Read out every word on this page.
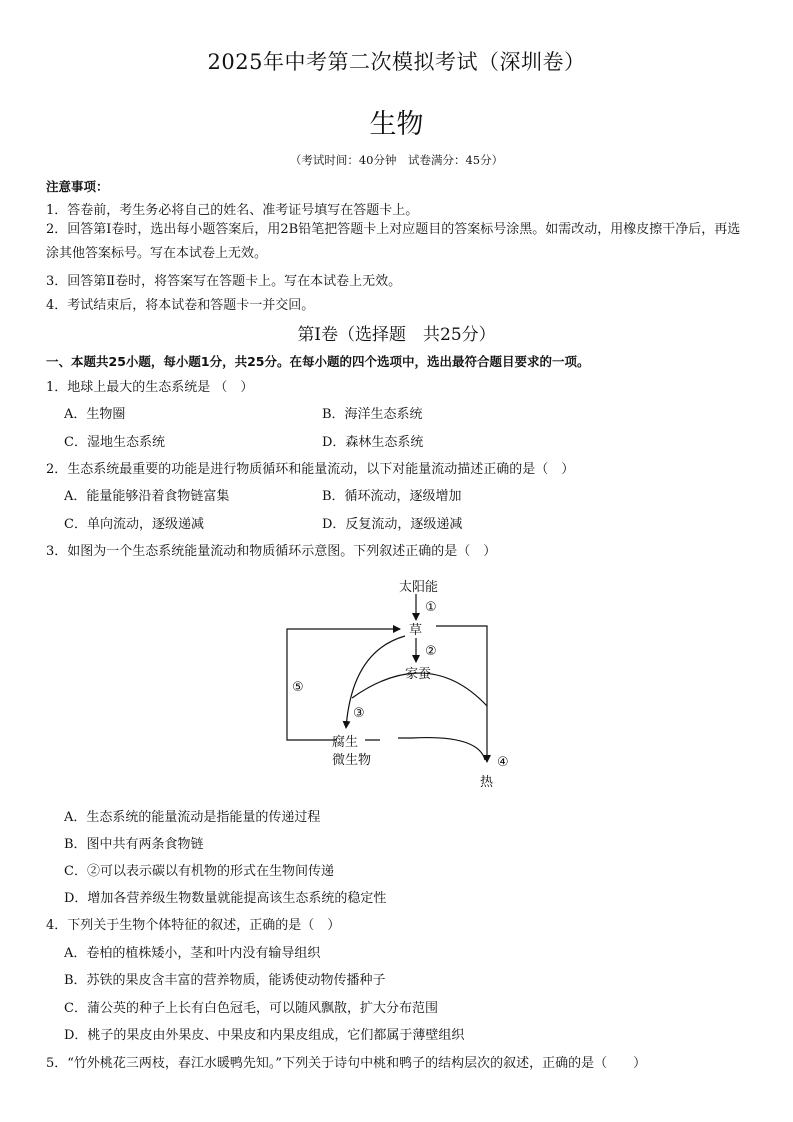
2025年中考第二次模拟考试（深圳卷）
生物
（考试时间：40分钟　试卷满分：45分）
注意事项：
1．答卷前，考生务必将自己的姓名、准考证号填写在答题卡上。
2．回答第Ⅰ卷时，选出每小题答案后，用2B铅笔把答题卡上对应题目的答案标号涂黑。如需改动，用橡皮擦干净后，再选涂其他答案标号。写在本试卷上无效。
3．回答第Ⅱ卷时，将答案写在答题卡上。写在本试卷上无效。
4．考试结束后，将本试卷和答题卡一并交回。
第Ⅰ卷（选择题　共25分）
一、本题共25小题，每小题1分，共25分。在每小题的四个选项中，选出最符合题目要求的一项。
1．地球上最大的生态系统是 （　）
A．生物圈	B．海洋生态系统
C．湿地生态系统	D．森林生态系统
2．生态系统最重要的功能是进行物质循环和能量流动，以下对能量流动描述正确的是（　）
A．能量能够沿着食物链富集	B．循环流动，逐级增加
C．单向流动，逐级递减	D．反复流动，逐级递减
3．如图为一个生态系统能量流动和物质循环示意图。下列叙述正确的是（　）
太阳能
①
草
②
家蚕
⑤
③
腐生
微生物	④
热
A．生态系统的能量流动是指能量的传递过程
B．图中共有两条食物链
C．②可以表示碳以有机物的形式在生物间传递
D．增加各营养级生物数量就能提高该生态系统的稳定性
4．下列关于生物个体特征的叙述，正确的是（　）
A．卷柏的植株矮小，茎和叶内没有输导组织
B．苏铁的果皮含丰富的营养物质，能诱使动物传播种子
C．蒲公英的种子上长有白色冠毛，可以随风飘散，扩大分布范围
D．桃子的果皮由外果皮、中果皮和内果皮组成，它们都属于薄壁组织
5．“竹外桃花三两枝，春江水暖鸭先知。”下列关于诗句中桃和鸭子的结构层次的叙述，正确的是（　　）
